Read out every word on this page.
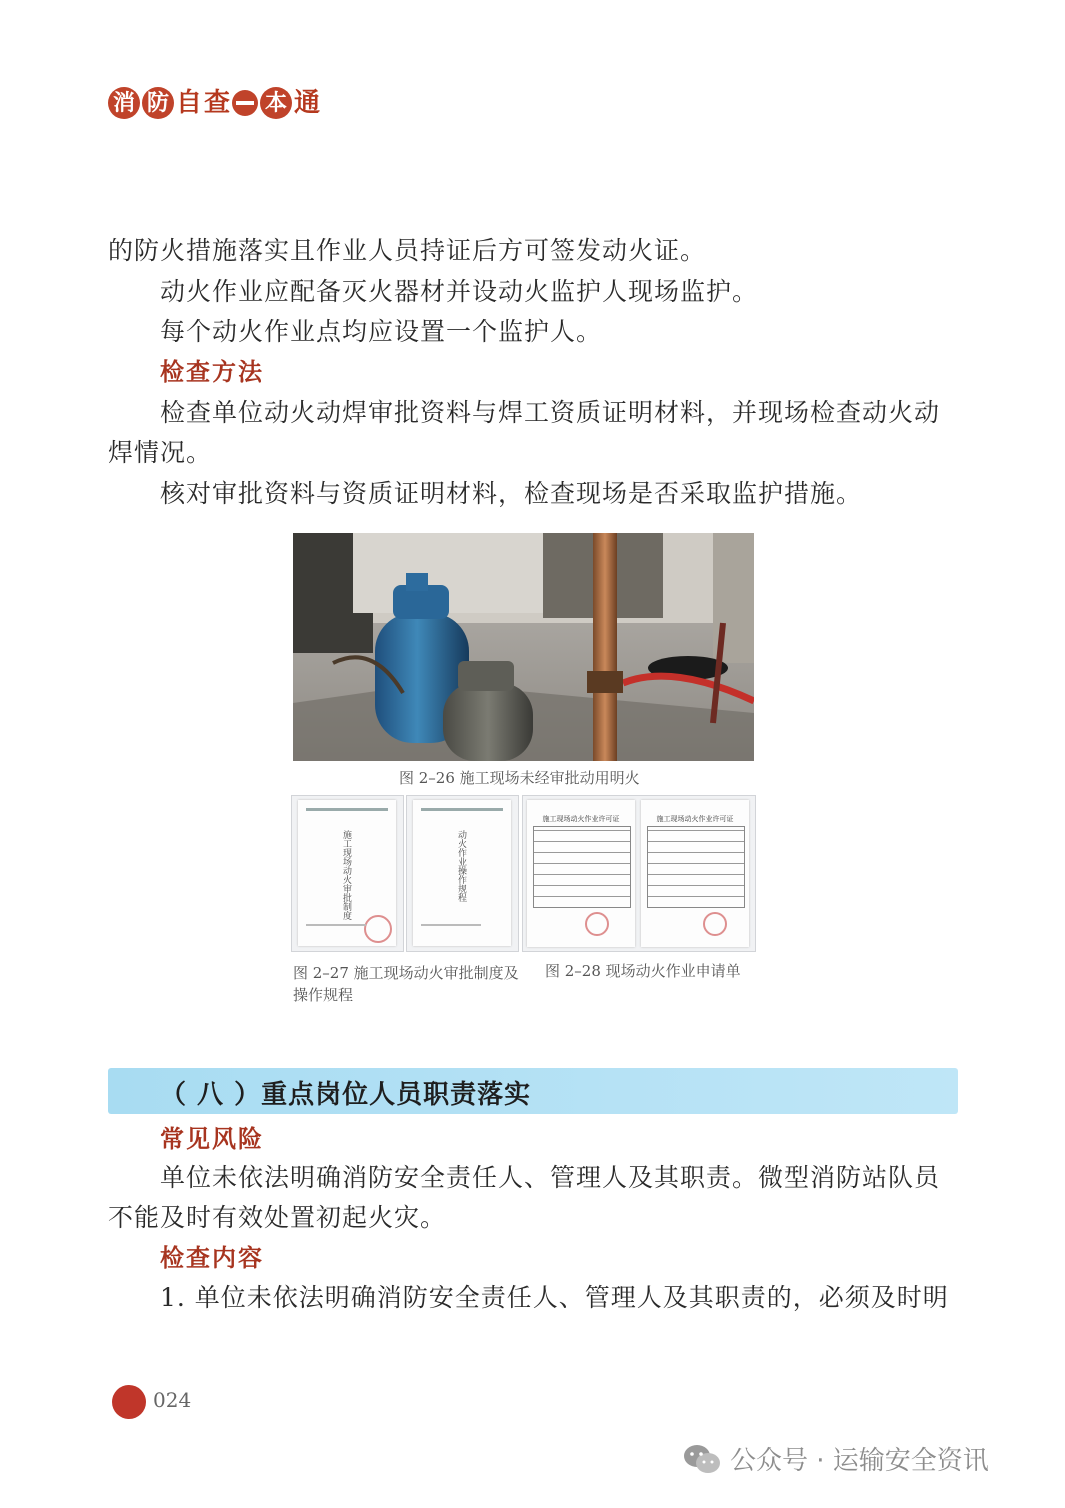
消 防 自 查 本 通

的防火措施落实且作业人员持证后方可签发动火证。

动火作业应配备灭火器材并设动火监护人现场监护。

每个动火作业点均应设置一个监护人。

检查方法

检查单位动火动焊审批资料与焊工资质证明材料，并现场检查动火动焊情况。

核对审批资料与资质证明材料，检查现场是否采取监护措施。

图 2–26 施工现场未经审批动用明火
施工现场动火审批制度	动火作业操作规程
图 2–27 施工现场动火审批制度及操作规程
施工现场动火作业许可证	施工现场动火作业许可证
图 2–28 现场动火作业申请单
（ 八 ）重点岗位人员职责落实
常见风险

单位未依法明确消防安全责任人、管理人及其职责。微型消防站队员不能及时有效处置初起火灾。

检查内容

1. 单位未依法明确消防安全责任人、管理人及其职责的，必须及时明

024
公众号 · 运输安全资讯
